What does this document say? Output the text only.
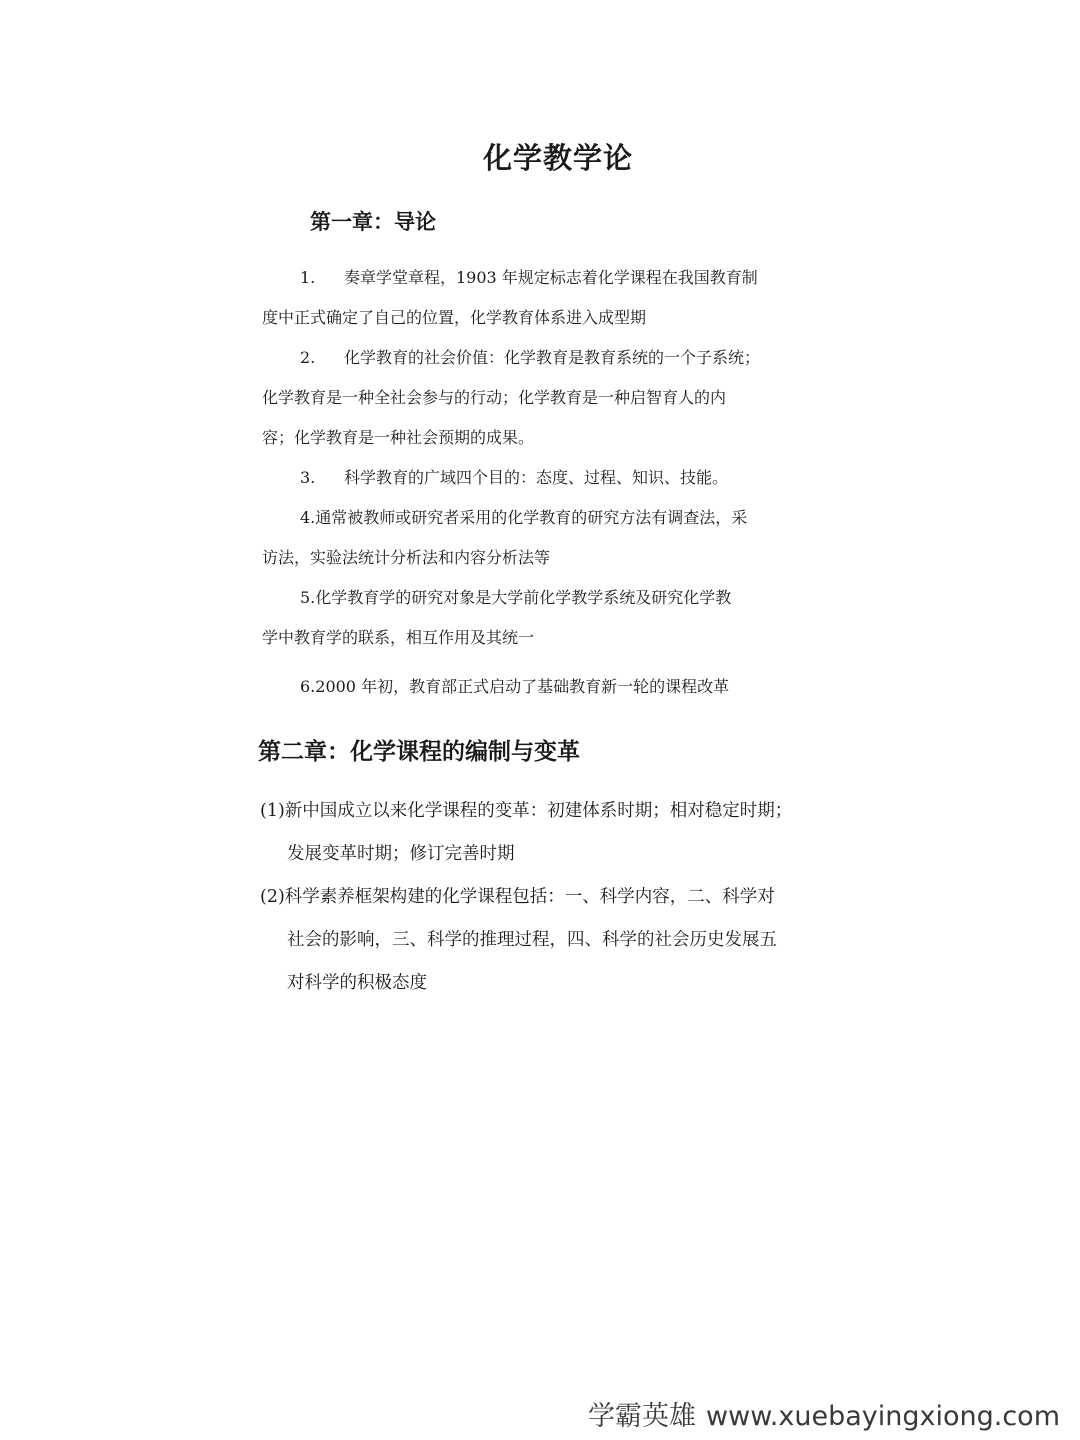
化学教学论
第一章：导论
1. 奏章学堂章程，1903 年规定标志着化学课程在我国教育制
度中正式确定了自己的位置，化学教育体系进入成型期
2. 化学教育的社会价值：化学教育是教育系统的一个子系统；
化学教育是一种全社会参与的行动；化学教育是一种启智育人的内
容；化学教育是一种社会预期的成果。
3. 科学教育的广域四个目的：态度、过程、知识、技能。
4.通常被教师或研究者采用的化学教育的研究方法有调查法，采
访法，实验法统计分析法和内容分析法等
5.化学教育学的研究对象是大学前化学教学系统及研究化学教
学中教育学的联系，相互作用及其统一
6.2000 年初，教育部正式启动了基础教育新一轮的课程改革
第二章：化学课程的编制与变革
(1)新中国成立以来化学课程的变革：初建体系时期；相对稳定时期；
发展变革时期；修订完善时期
(2)科学素养框架构建的化学课程包括：一、科学内容，二、科学对
社会的影响，三、科学的推理过程，四、科学的社会历史发展五
对科学的积极态度
学霸英雄 www.xuebayingxiong.com
